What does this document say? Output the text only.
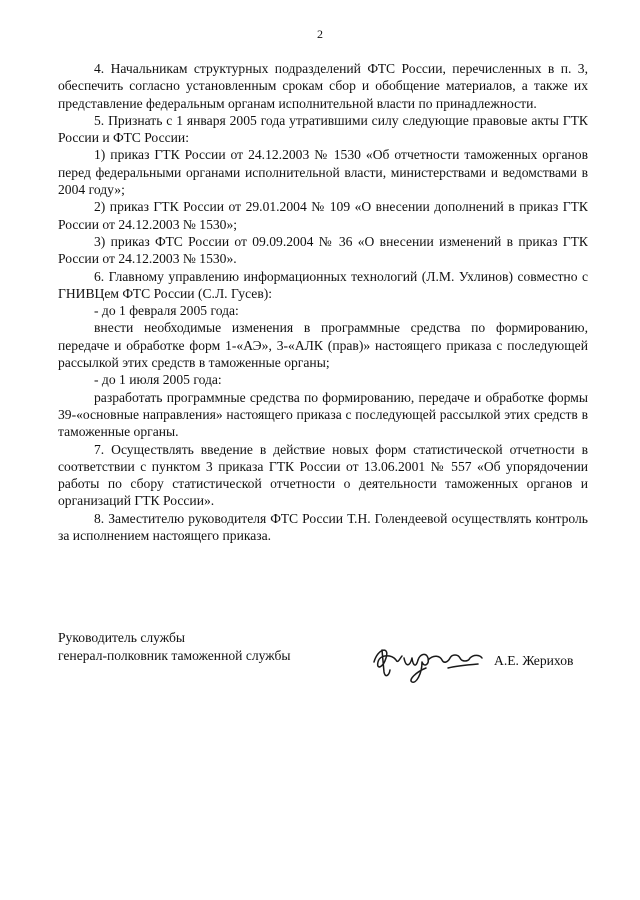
2

4. Начальникам структурных подразделений ФТС России, перечисленных в п. 3, обеспечить согласно установленным срокам сбор и обобщение материалов, а также их представление федеральным органам исполнительной власти по принадлежности.

5. Признать с 1 января 2005 года утратившими силу следующие правовые акты ГТК России и ФТС России:

1) приказ ГТК России от 24.12.2003 № 1530 «Об отчетности таможенных органов перед федеральными органами исполнительной власти, министерствами и ведомствами в 2004 году»;

2) приказ ГТК России от 29.01.2004 № 109 «О внесении дополнений в приказ ГТК России от 24.12.2003 № 1530»;

3) приказ ФТС России от 09.09.2004 № 36 «О внесении изменений в приказ ГТК России от 24.12.2003 № 1530».

6. Главному управлению информационных технологий (Л.М. Ухлинов) совместно с ГНИВЦем ФТС России (С.Л. Гусев):

- до 1 февраля 2005 года:

внести необходимые изменения в программные средства по формированию, передаче и обработке форм 1-«АЭ», 3-«АЛК (прав)» настоящего приказа с последующей рассылкой этих средств в таможенные органы;

- до 1 июля 2005 года:

разработать программные средства по формированию, передаче и обработке формы 39-«основные направления» настоящего приказа с последующей рассылкой этих средств в таможенные органы.

7. Осуществлять введение в действие новых форм статистической отчетности в соответствии с пунктом 3 приказа ГТК России от 13.06.2001 № 557 «Об упорядочении работы по сбору статистической отчетности о деятельности таможенных органов и организаций ГТК России».

8. Заместителю руководителя ФТС России Т.Н. Голендеевой осуществлять контроль за исполнением настоящего приказа.

Руководитель службы
генерал-полковник таможенной службы	А.Е. Жерихов
